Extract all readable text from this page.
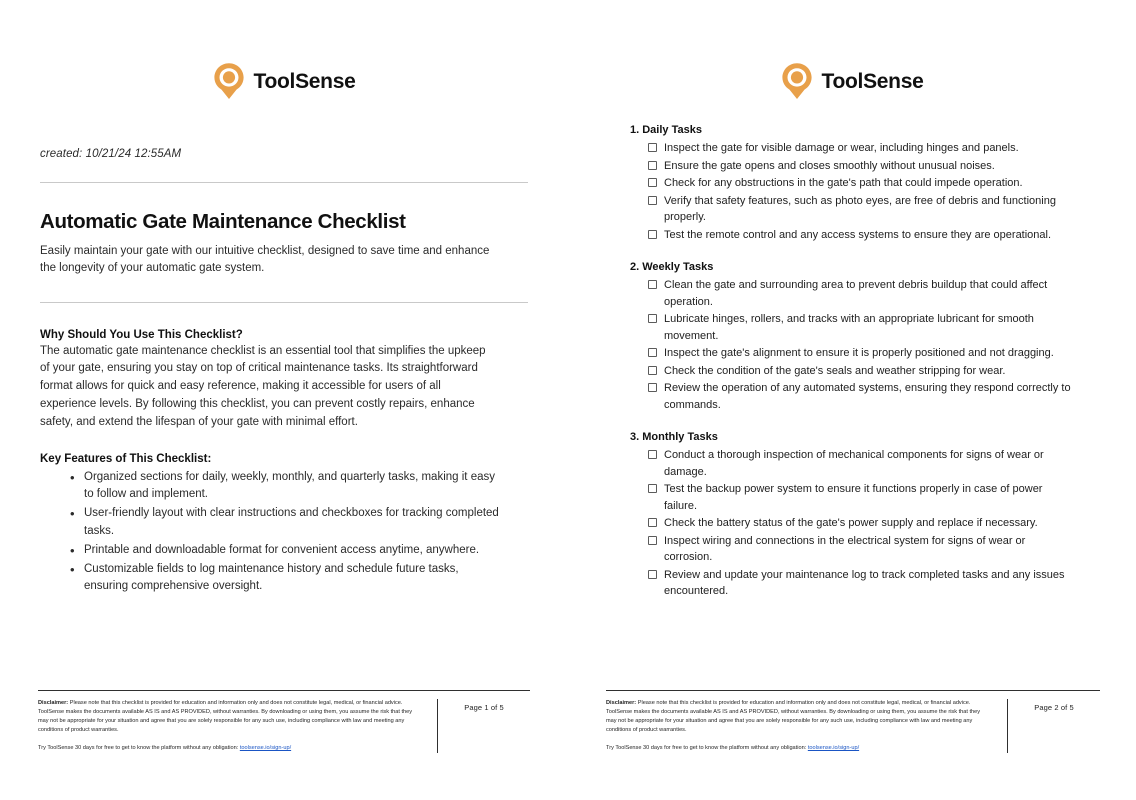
ToolSense
created: 10/21/24 12:55AM
Automatic Gate Maintenance Checklist

Easily maintain your gate with our intuitive checklist, designed to save time and enhance the longevity of your automatic gate system.

Why Should You Use This Checklist?

The automatic gate maintenance checklist is an essential tool that simplifies the upkeep of your gate, ensuring you stay on top of critical maintenance tasks. Its straightforward format allows for quick and easy reference, making it accessible for users of all experience levels. By following this checklist, you can prevent costly repairs, enhance safety, and extend the lifespan of your gate with minimal effort.

Key Features of This Checklist:
• Organized sections for daily, weekly, monthly, and quarterly tasks, making it easy to follow and implement.
• User-friendly layout with clear instructions and checkboxes for tracking completed tasks.
• Printable and downloadable format for convenient access anytime, anywhere.
• Customizable fields to log maintenance history and schedule future tasks, ensuring comprehensive oversight.

Disclaimer: Please note that this checklist is provided for education and information only and does not constitute legal, medical, or financial advice. ToolSense makes the documents available AS IS and AS PROVIDED, without warranties. By downloading or using them, you assume the risk that they may not be appropriate for your situation and agree that you are solely responsible for any such use, including compliance with law and meeting any conditions of product warranties.

Try ToolSense 30 days for free to get to know the platform without any obligation: toolsense.io/sign-up/

Page 1 of 5
ToolSense
1. Daily Tasks
Inspect the gate for visible damage or wear, including hinges and panels.
Ensure the gate opens and closes smoothly without unusual noises.
Check for any obstructions in the gate's path that could impede operation.
Verify that safety features, such as photo eyes, are free of debris and functioning properly.
Test the remote control and any access systems to ensure they are operational.
2. Weekly Tasks
Clean the gate and surrounding area to prevent debris buildup that could affect operation.
Lubricate hinges, rollers, and tracks with an appropriate lubricant for smooth movement.
Inspect the gate's alignment to ensure it is properly positioned and not dragging.
Check the condition of the gate's seals and weather stripping for wear.
Review the operation of any automated systems, ensuring they respond correctly to commands.
3. Monthly Tasks
Conduct a thorough inspection of mechanical components for signs of wear or damage.
Test the backup power system to ensure it functions properly in case of power failure.
Check the battery status of the gate's power supply and replace if necessary.
Inspect wiring and connections in the electrical system for signs of wear or corrosion.
Review and update your maintenance log to track completed tasks and any issues encountered.

Disclaimer: Please note that this checklist is provided for education and information only and does not constitute legal, medical, or financial advice. ToolSense makes the documents available AS IS and AS PROVIDED, without warranties. By downloading or using them, you assume the risk that they may not be appropriate for your situation and agree that you are solely responsible for any such use, including compliance with law and meeting any conditions of product warranties.

Try ToolSense 30 days for free to get to know the platform without any obligation: toolsense.io/sign-up/

Page 2 of 5
